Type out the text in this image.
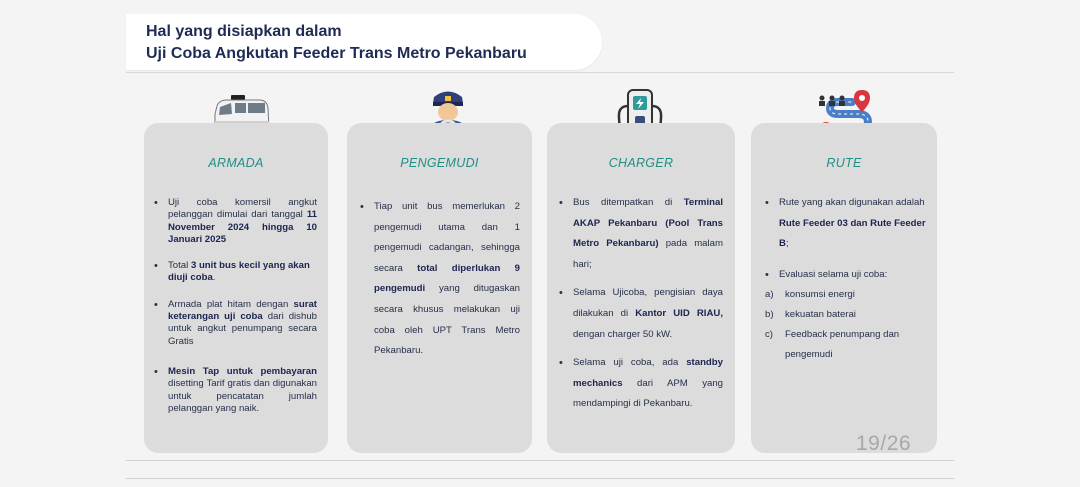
Hal yang disiapkan dalam
Uji Coba Angkutan Feeder Trans Metro Pekanbaru
ARMADA
• Uji coba komersil angkut pelanggan dimulai dari tanggal 11 November 2024 hingga 10 Januari 2025
• Total 3 unit bus kecil yang akan diuji coba.
• Armada plat hitam dengan surat keterangan uji coba dari dishub untuk angkut penumpang secara Gratis
• Mesin Tap untuk pembayaran disetting Tarif gratis dan digunakan untuk pencatatan jumlah pelanggan yang naik.
PENGEMUDI
• Tiap unit bus memerlukan 2 pengemudi utama dan 1 pengemudi cadangan, sehingga secara total diperlukan 9 pengemudi yang ditugaskan secara khusus melakukan uji coba oleh UPT Trans Metro Pekanbaru.
CHARGER
• Bus ditempatkan di Terminal AKAP Pekanbaru (Pool Trans Metro Pekanbaru) pada malam hari;
• Selama Ujicoba, pengisian daya dilakukan di Kantor UID RIAU, dengan charger 50 kW.
• Selama uji coba, ada standby mechanics dari APM yang mendampingi di Pekanbaru.
RUTE
• Rute yang akan digunakan adalah Rute Feeder 03 dan Rute Feeder B;
• Evaluasi selama uji coba:
a) konsumsi energi
b) kekuatan baterai
c) Feedback penumpang dan pengemudi
19/26
